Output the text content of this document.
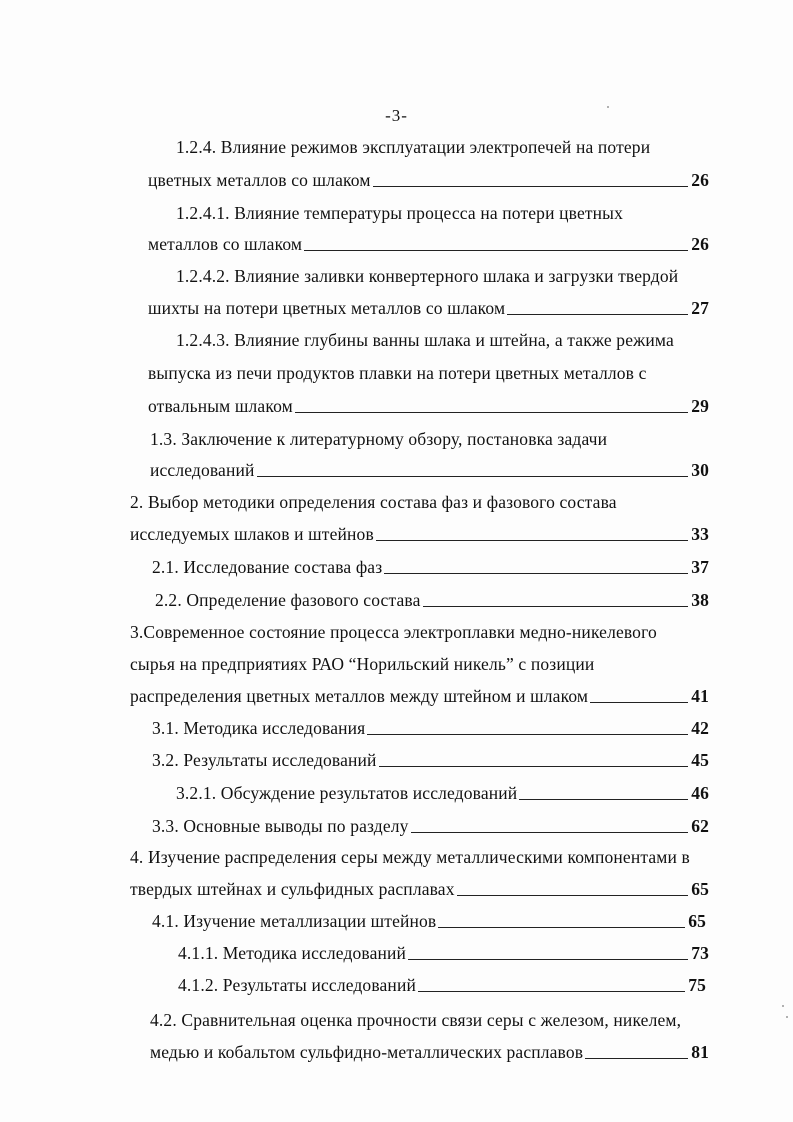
-3-
1.2.4. Влияние режимов эксплуатации электропечей на потери
цветных металлов со шлаком	26
1.2.4.1. Влияние температуры процесса на потери цветных
металлов со шлаком	26
1.2.4.2. Влияние заливки конвертерного шлака и загрузки твердой
шихты на потери цветных металлов со шлаком	27
1.2.4.3. Влияние глубины ванны шлака и штейна, а также режима
выпуска из печи продуктов плавки на потери цветных металлов с
отвальным шлаком	29
1.3. Заключение к литературному обзору, постановка задачи
исследований	30
2. Выбор методики определения состава фаз и фазового состава
исследуемых шлаков и штейнов	33
2.1. Исследование состава фаз	37
2.2. Определение фазового состава	38
3.Современное состояние процесса электроплавки медно-никелевого
сырья на предприятиях РАО “Норильский никель” с позиции
распределения цветных металлов между штейном и шлаком	41
3.1. Методика исследования	42
3.2. Результаты исследований	45
3.2.1. Обсуждение результатов исследований	46
3.3. Основные выводы по разделу	62
4. Изучение распределения серы между металлическими компонентами в
твердых штейнах и сульфидных расплавах	65
4.1. Изучение металлизации штейнов	65
4.1.1. Методика исследований	73
4.1.2. Результаты исследований	75
4.2. Сравнительная оценка прочности связи серы с железом, никелем,
медью и кобальтом сульфидно-металлических расплавов	81
